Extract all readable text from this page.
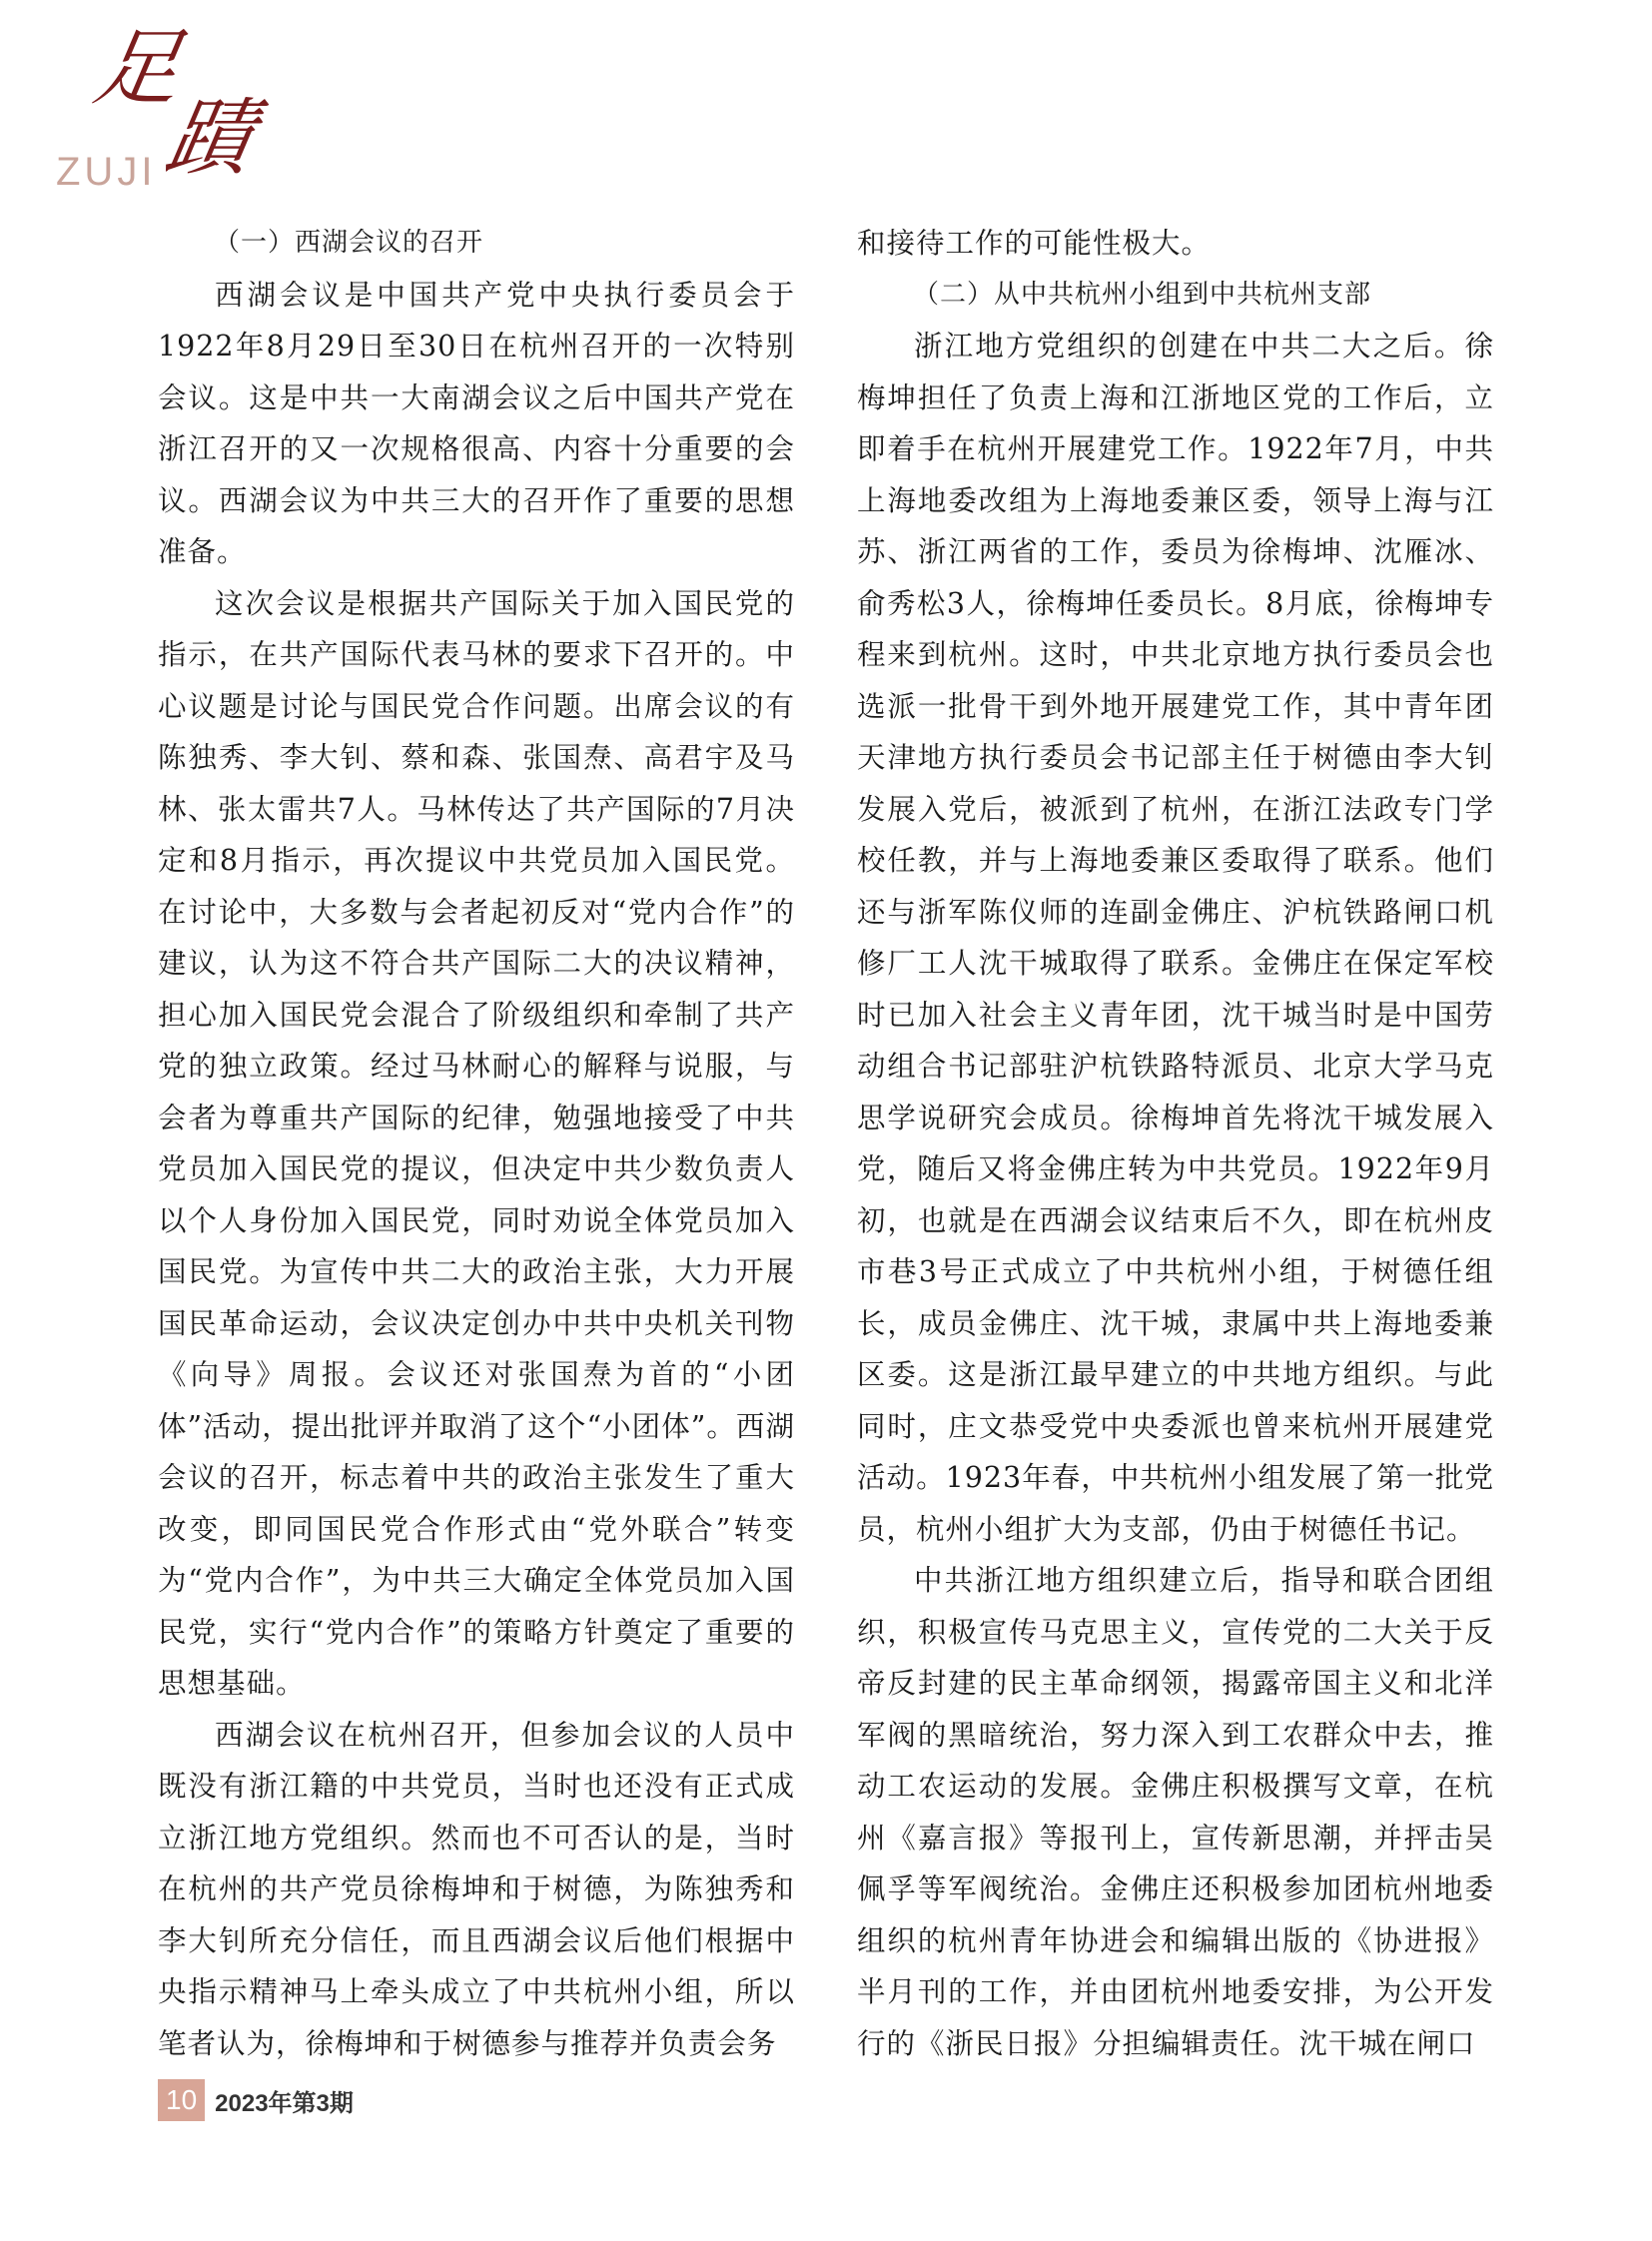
足
蹟
ZUJI
（一）西湖会议的召开

西湖会议是中国共产党中央执行委员会于1922年8月29日至30日在杭州召开的一次特别会议。这是中共一大南湖会议之后中国共产党在浙江召开的又一次规格很高、内容十分重要的会议。西湖会议为中共三大的召开作了重要的思想准备。

这次会议是根据共产国际关于加入国民党的指示，在共产国际代表马林的要求下召开的。中心议题是讨论与国民党合作问题。出席会议的有陈独秀、李大钊、蔡和森、张国焘、高君宇及马林、张太雷共7人。马林传达了共产国际的7月决定和8月指示，再次提议中共党员加入国民党。在讨论中，大多数与会者起初反对“党内合作”的建议，认为这不符合共产国际二大的决议精神，担心加入国民党会混合了阶级组织和牵制了共产党的独立政策。经过马林耐心的解释与说服，与会者为尊重共产国际的纪律，勉强地接受了中共党员加入国民党的提议，但决定中共少数负责人以个人身份加入国民党，同时劝说全体党员加入国民党。为宣传中共二大的政治主张，大力开展国民革命运动，会议决定创办中共中央机关刊物《向导》周报。会议还对张国焘为首的“小团体”活动，提出批评并取消了这个“小团体”。西湖会议的召开，标志着中共的政治主张发生了重大改变，即同国民党合作形式由“党外联合”转变为“党内合作”，为中共三大确定全体党员加入国民党，实行“党内合作”的策略方针奠定了重要的思想基础。

西湖会议在杭州召开，但参加会议的人员中既没有浙江籍的中共党员，当时也还没有正式成立浙江地方党组织。然而也不可否认的是，当时在杭州的共产党员徐梅坤和于树德，为陈独秀和李大钊所充分信任，而且西湖会议后他们根据中央指示精神马上牵头成立了中共杭州小组，所以笔者认为，徐梅坤和于树德参与推荐并负责会务

和接待工作的可能性极大。

（二）从中共杭州小组到中共杭州支部

浙江地方党组织的创建在中共二大之后。徐梅坤担任了负责上海和江浙地区党的工作后，立即着手在杭州开展建党工作。1922年7月，中共上海地委改组为上海地委兼区委，领导上海与江苏、浙江两省的工作，委员为徐梅坤、沈雁冰、俞秀松3人，徐梅坤任委员长。8月底，徐梅坤专程来到杭州。这时，中共北京地方执行委员会也选派一批骨干到外地开展建党工作，其中青年团天津地方执行委员会书记部主任于树德由李大钊发展入党后，被派到了杭州，在浙江法政专门学校任教，并与上海地委兼区委取得了联系。他们还与浙军陈仪师的连副金佛庄、沪杭铁路闸口机修厂工人沈干城取得了联系。金佛庄在保定军校时已加入社会主义青年团，沈干城当时是中国劳动组合书记部驻沪杭铁路特派员、北京大学马克思学说研究会成员。徐梅坤首先将沈干城发展入党，随后又将金佛庄转为中共党员。1922年9月初，也就是在西湖会议结束后不久，即在杭州皮市巷3号正式成立了中共杭州小组，于树德任组长，成员金佛庄、沈干城，隶属中共上海地委兼区委。这是浙江最早建立的中共地方组织。与此同时，庄文恭受党中央委派也曾来杭州开展建党活动。1923年春，中共杭州小组发展了第一批党员，杭州小组扩大为支部，仍由于树德任书记。

中共浙江地方组织建立后，指导和联合团组织，积极宣传马克思主义，宣传党的二大关于反帝反封建的民主革命纲领，揭露帝国主义和北洋军阀的黑暗统治，努力深入到工农群众中去，推动工农运动的发展。金佛庄积极撰写文章，在杭州《嘉言报》等报刊上，宣传新思潮，并抨击吴佩孚等军阀统治。金佛庄还积极参加团杭州地委组织的杭州青年协进会和编辑出版的《协进报》半月刊的工作，并由团杭州地委安排，为公开发行的《浙民日报》分担编辑责任。沈干城在闸口

10 2023年第3期
